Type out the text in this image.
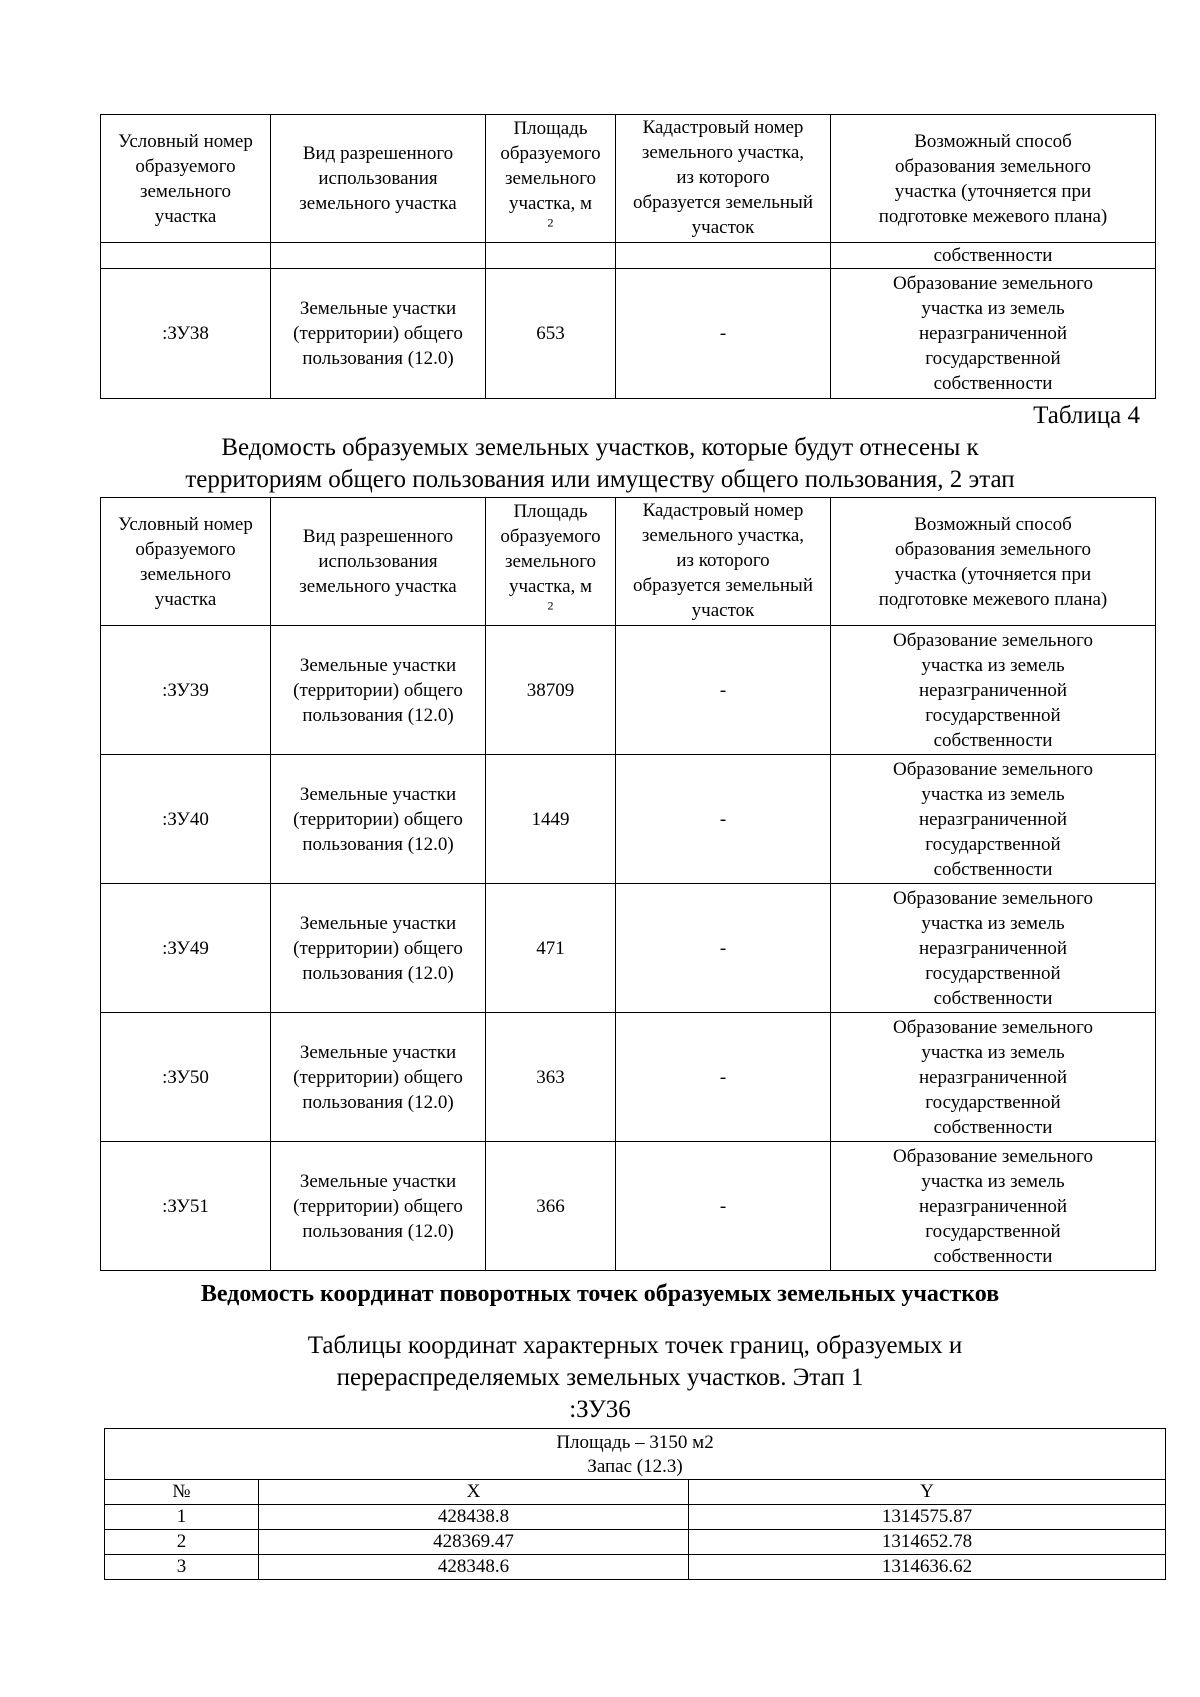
Условный номер
образуемого
земельного
участка	Вид разрешенного
использования
земельного участка	Площадь
образуемого
земельного
участка, м
$^2$	Кадастровый номер
земельного участка,
из которого
образуется земельный
участок	Возможный способ
образования земельного
участка (уточняется при
подготовке межевого плана)

				собственности
:ЗУ38	Земельные участки
(территории) общего
пользования (12.0)	653	-	Образование земельного
участка из земель
неразграниченной
государственной
собственности
Таблица 4
Ведомость образуемых земельных участков, которые будут отнесены к
территориям общего пользования или имуществу общего пользования, 2 этап
Условный номер
образуемого
земельного
участка	Вид разрешенного
использования
земельного участка	Площадь
образуемого
земельного
участка, м
$^2$	Кадастровый номер
земельного участка,
из которого
образуется земельный
участок	Возможный способ
образования земельного
участка (уточняется при
подготовке межевого плана)

:ЗУ39	Земельные участки
(территории) общего
пользования (12.0)	38709	-	Образование земельного
участка из земель
неразграниченной
государственной
собственности

:ЗУ40	Земельные участки
(территории) общего
пользования (12.0)	1449	-	Образование земельного
участка из земель
неразграниченной
государственной
собственности

:ЗУ49	Земельные участки
(территории) общего
пользования (12.0)	471	-	Образование земельного
участка из земель
неразграниченной
государственной
собственности

:ЗУ50	Земельные участки
(территории) общего
пользования (12.0)	363	-	Образование земельного
участка из земель
неразграниченной
государственной
собственности

:ЗУ51	Земельные участки
(территории) общего
пользования (12.0)	366	-	Образование земельного
участка из земель
неразграниченной
государственной
собственности
Ведомость координат поворотных точек образуемых земельных участков
Таблицы координат характерных точек границ, образуемых и
перераспределяемых земельных участков. Этап 1
:ЗУ36
Площадь – 3150 м2		
Запас (12.3)		
№	X	Y
1	428438.8	1314575.87
2	428369.47	1314652.78
3	428348.6	1314636.62
